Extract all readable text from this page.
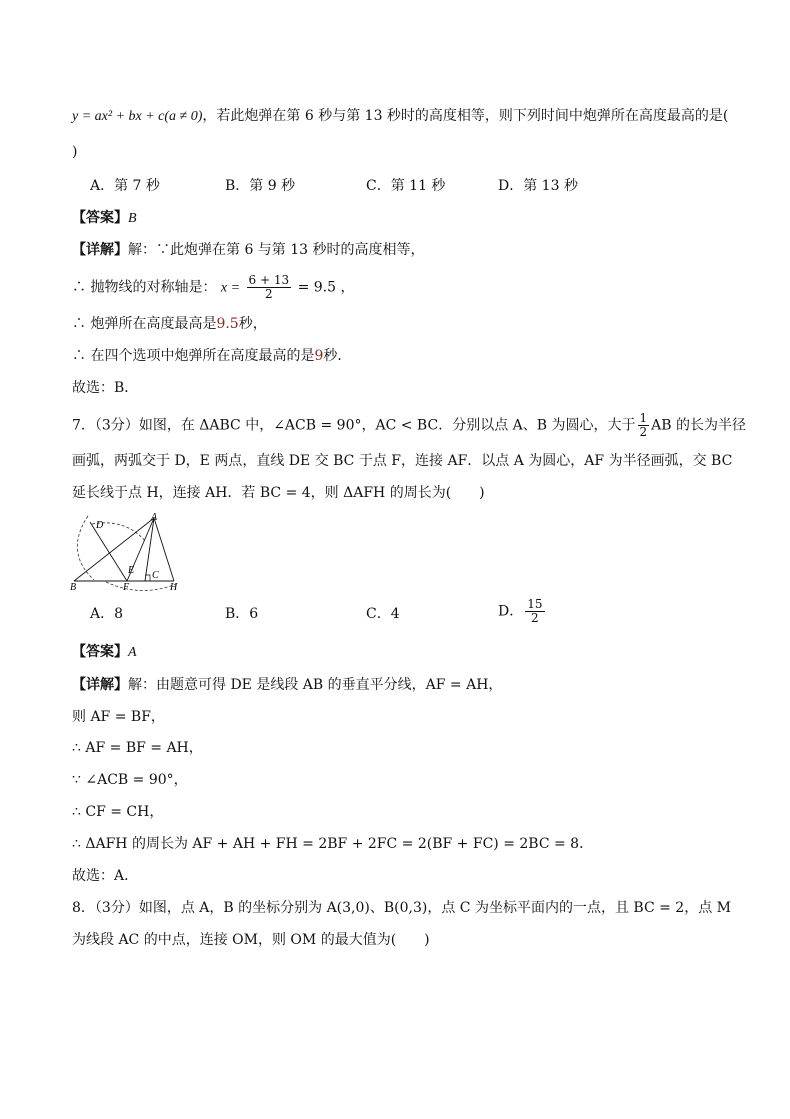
y = ax² + bx + c(a ≠ 0)，若此炮弹在第 6 秒与第 13 秒时的高度相等，则下列时间中炮弹所在高度最高的是(
)
A．第 7 秒	B．第 9 秒	C．第 11 秒	D．第 13 秒
【答案】B
【详解】解：∵此炮弹在第 6 与第 13 秒时的高度相等，
∴ 抛物线的对称轴是： $x = \frac{6 + 13}{2} = 9.5$ ，
∴ 炮弹所在高度最高是9.5秒，
∴ 在四个选项中炮弹所在高度最高的是9秒．
故选：B．
7．（3分）如图，在 ΔABC 中，∠ACB = 90°，AC < BC．分别以点 A、B 为圆心，大于 $\frac{1}{2}$ AB 的长为半径
画弧，两弧交于 D，E 两点，直线 DE 交 BC 于点 F，连接 AF．以点 A 为圆心，AF 为半径画弧，交 BC
延长线于点 H，连接 AH．若 BC = 4，则 ΔAFH 的周长为(　　)
A
D
E C
B	F	H
A．8	B．6	C．4	D． $\frac{15}{2}$
【答案】A
【详解】解：由题意可得 DE 是线段 AB 的垂直平分线，AF = AH，
则 AF = BF，
∴ AF = BF = AH，
∵ ∠ACB = 90°，
∴ CF = CH，
∴ ΔAFH 的周长为 AF + AH + FH = 2BF + 2FC = 2(BF + FC) = 2BC = 8．
故选：A．
8．（3分）如图，点 A，B 的坐标分别为 A(3,0)、B(0,3)，点 C 为坐标平面内的一点，且 BC = 2，点 M
为线段 AC 的中点，连接 OM，则 OM 的最大值为(　　)
